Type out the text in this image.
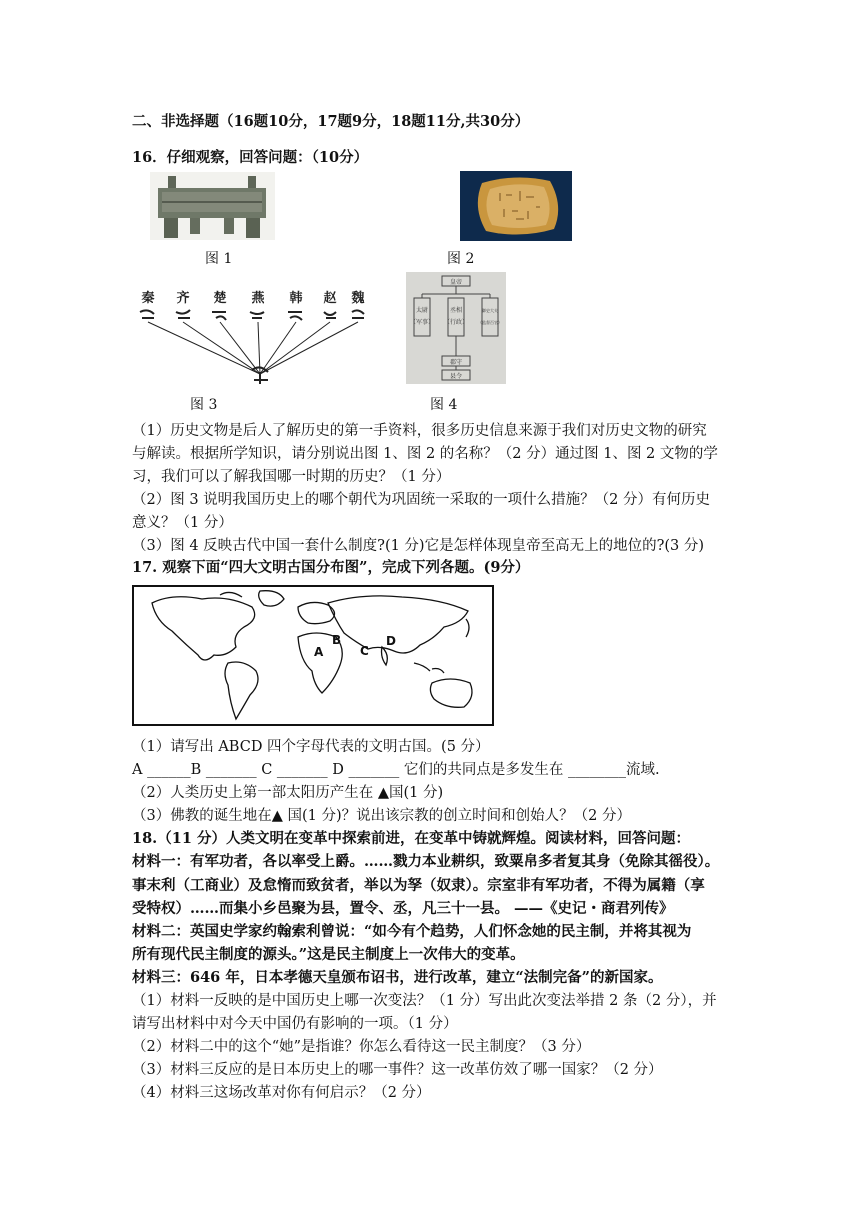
二、非选择题（16题10分，17题9分，18题11分,共30分）
16．仔细观察，回答问题：（10分）
图 1	图 2
秦 齐 楚 燕 韩 赵 魏
皇帝
郡守
县令
太尉
（军事）
丞相
（行政）
御史大夫
（监督百官）
图 3	图 4
（1）历史文物是后人了解历史的第一手资料，很多历史信息来源于我们对历史文物的研究
与解读。根据所学知识，请分别说出图 1、图 2 的名称？（2 分）通过图 1、图 2 文物的学
习，我们可以了解我国哪一时期的历史？（1 分）
（2）图 3 说明我国历史上的哪个朝代为巩固统一采取的一项什么措施？（2 分）有何历史
意义？（1 分）
（3）图 4 反映古代中国一套什么制度?(1 分)它是怎样体现皇帝至高无上的地位的?(3 分)
17. 观察下面“四大文明古国分布图”，完成下列各题。(9分）
A
B
C
D
（1）请写出 ABCD 四个字母代表的文明古国。(5 分）
A ______B _______ C _______ D _______ 它们的共同点是多发生在 ________流域.
（2）人类历史上第一部太阳历产生在 ▲国(1 分)
（3）佛教的诞生地在▲ 国(1 分)？说出该宗教的创立时间和创始人？（2 分）
18.（11 分）人类文明在变革中探索前进，在变革中铸就辉煌。阅读材料，回答问题：
材料一：有军功者，各以率受上爵。……戮力本业耕织，致粟帛多者复其身（免除其徭役）。
事末利（工商业）及怠惰而致贫者，举以为孥（奴隶）。宗室非有军功者，不得为属籍（享
受特权）……而集小乡邑聚为县，置令、丞，凡三十一县。 ——《史记・商君列传》
材料二：英国史学家约翰索利曾说：“如今有个趋势，人们怀念她的民主制，并将其视为
所有现代民主制度的源头。”这是民主制度上一次伟大的变革。
材料三：646 年，日本孝德天皇颁布诏书，进行改革，建立“法制完备”的新国家。
（1）材料一反映的是中国历史上哪一次变法？（1 分）写出此次变法举措 2 条（2 分），并
请写出材料中对今天中国仍有影响的一项。（1 分）
（2）材料二中的这个“她”是指谁？你怎么看待这一民主制度？（3 分）
（3）材料三反应的是日本历史上的哪一事件？这一改革仿效了哪一国家？（2 分）
（4）材料三这场改革对你有何启示？（2 分）
